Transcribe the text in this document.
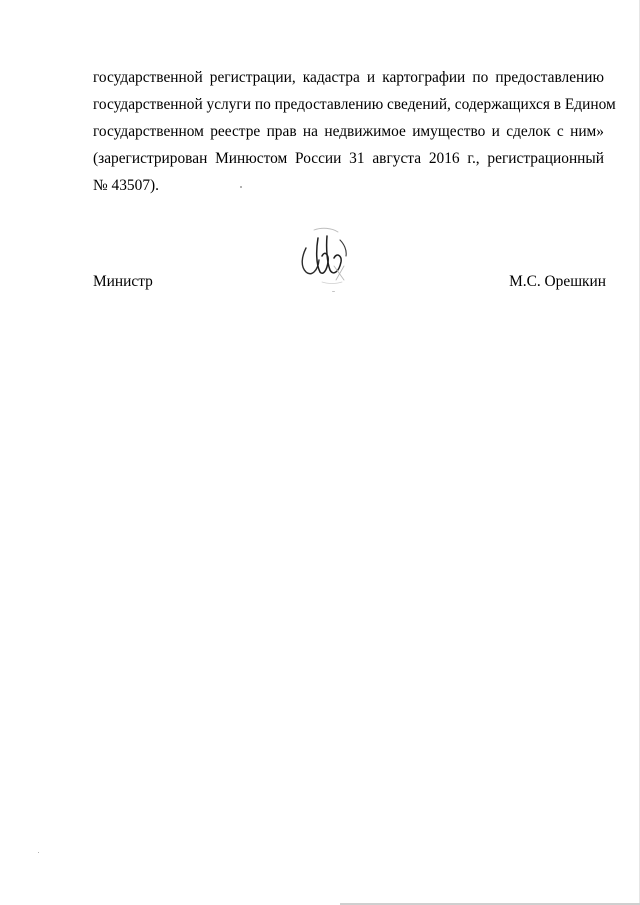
государственной регистрации, кадастра и картографии по предоставлению
государственной услуги по предоставлению сведений, содержащихся в Едином
государственном реестре прав на недвижимое имущество и сделок с ним»
(зарегистрирован Минюстом России 31 августа 2016 г., регистрационный
№ 43507).
Министр	М.С. Орешкин
